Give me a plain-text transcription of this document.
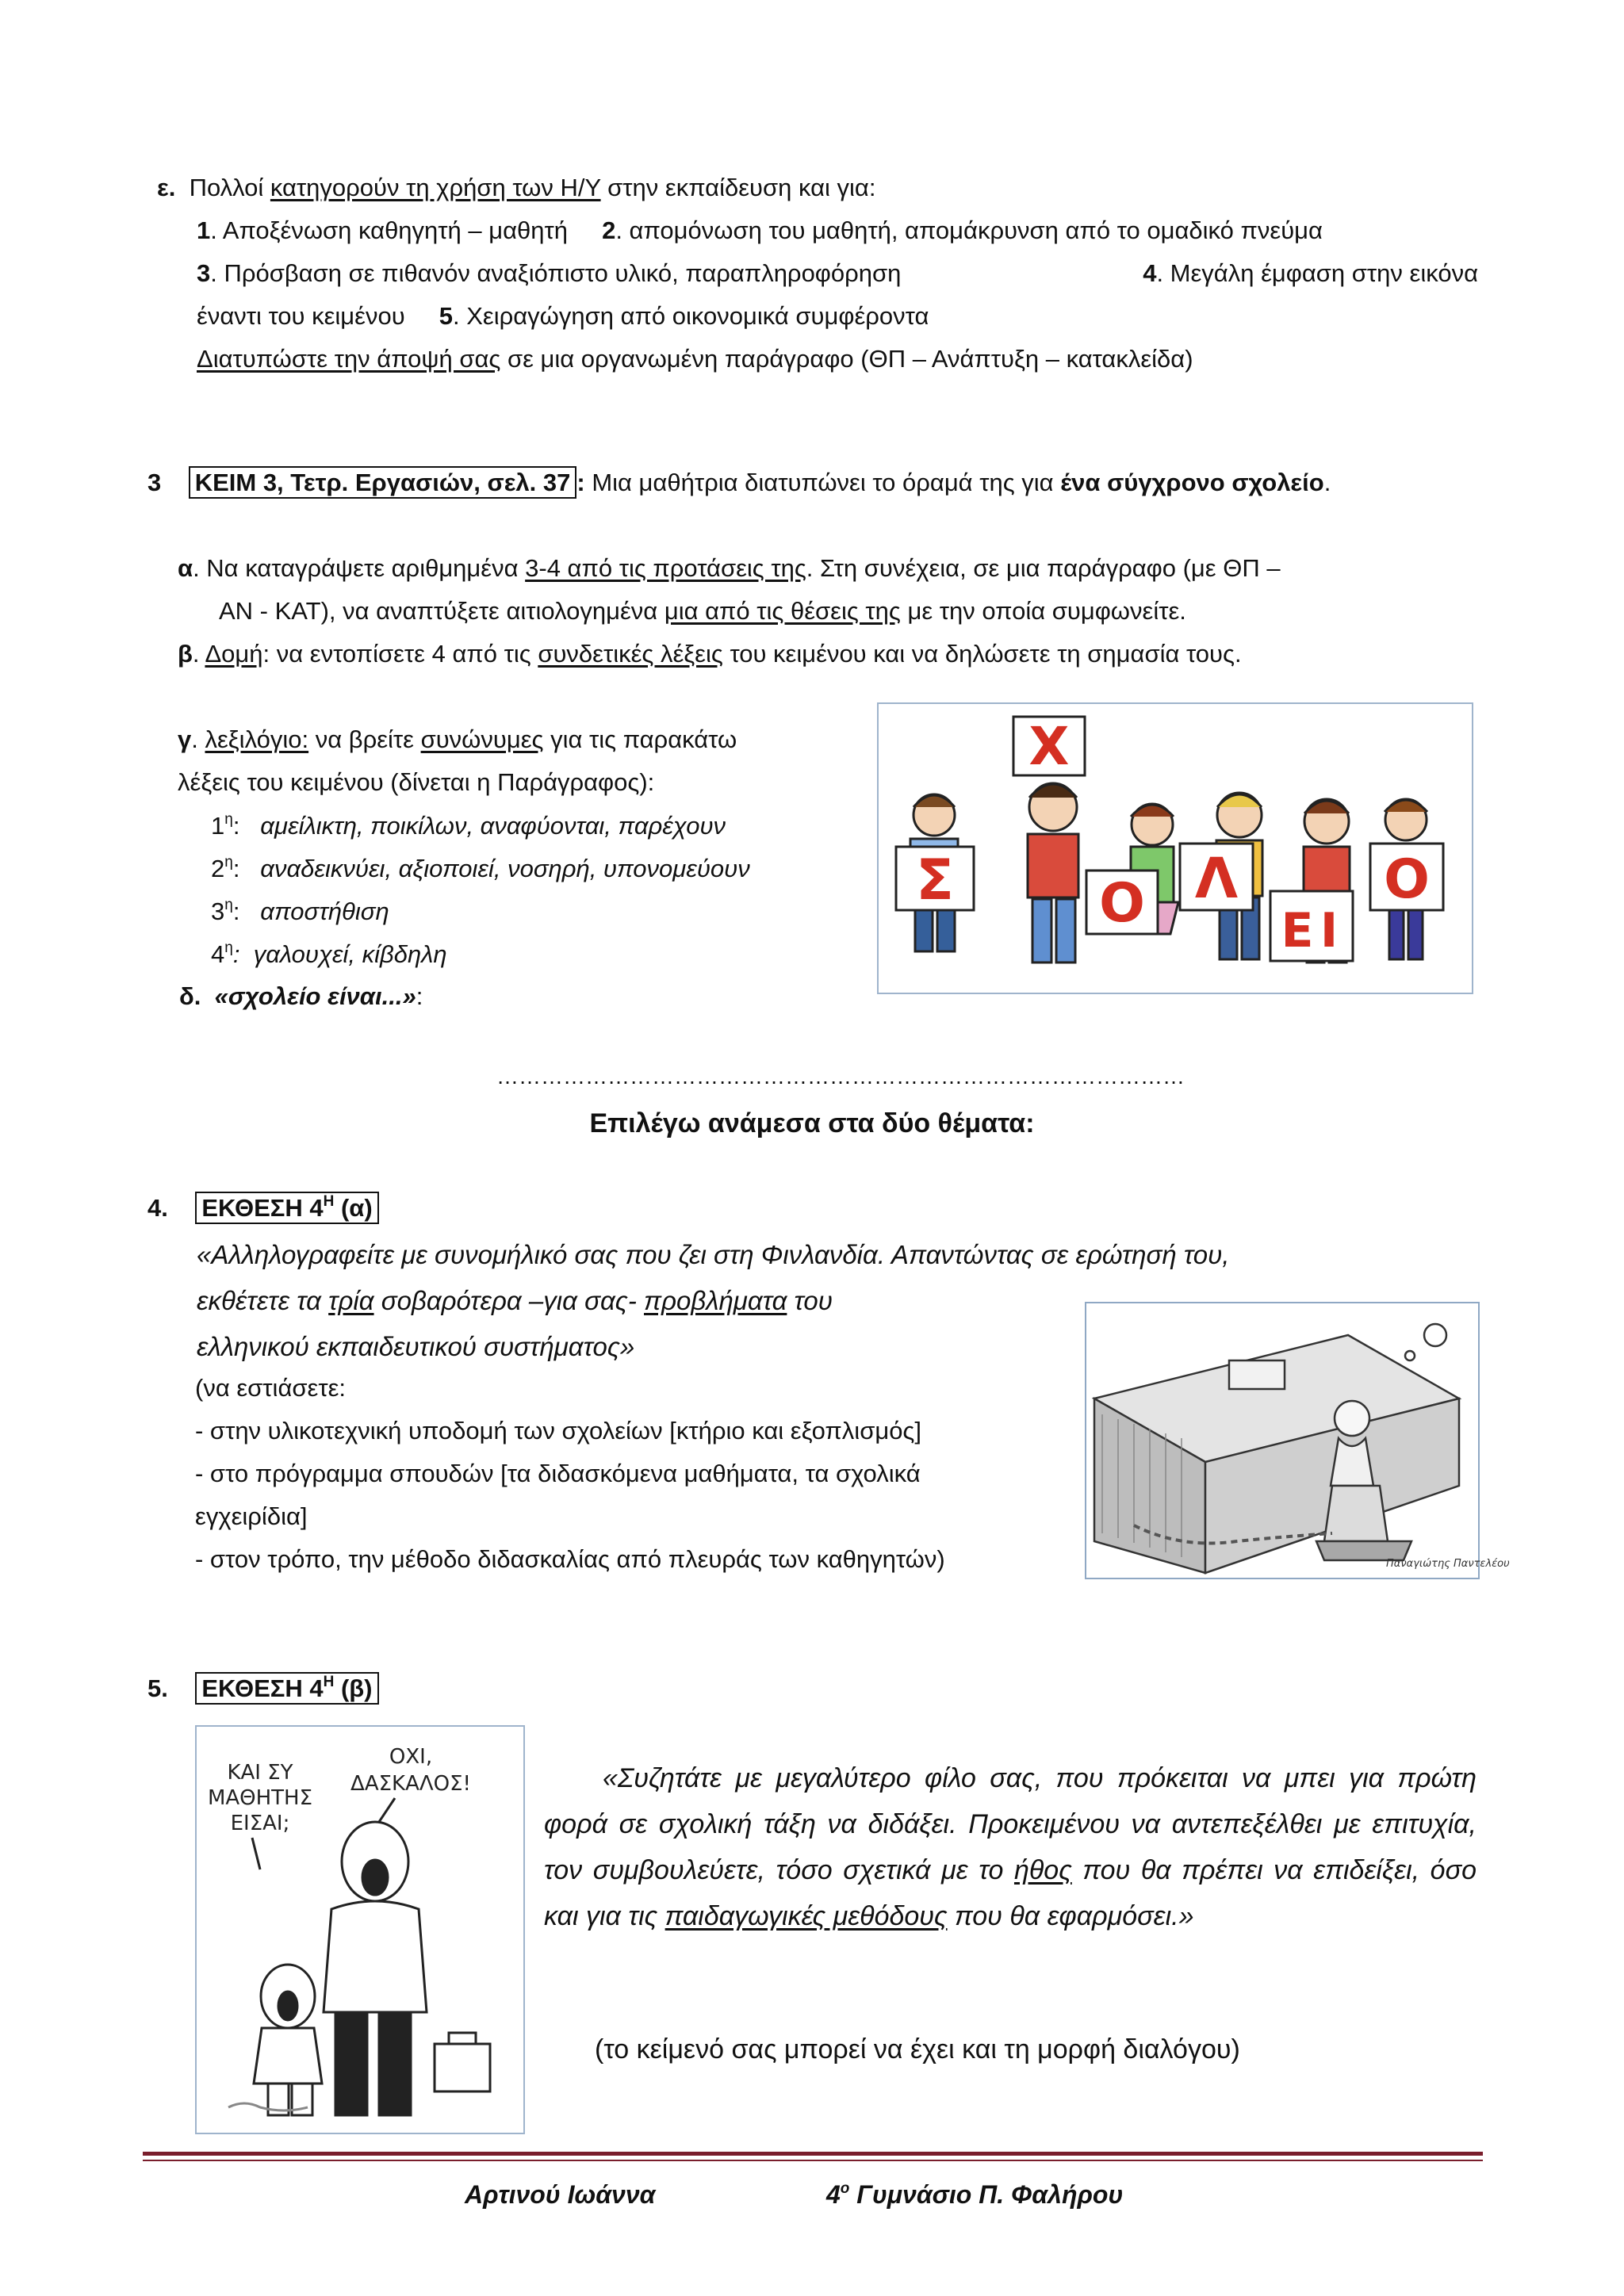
ε. Πολλοί κατηγορούν τη χρήση των Η/Υ στην εκπαίδευση και για:
1. Αποξένωση καθηγητή – μαθητή 2. απομόνωση του μαθητή, απομάκρυνση από το ομαδικό πνεύμα
3. Πρόσβαση σε πιθανόν αναξιόπιστο υλικό, παραπληροφόρηση	4. Μεγάλη έμφαση στην εικόνα
έναντι του κειμένου 5. Χειραγώγηση από οικονομικά συμφέροντα
Διατυπώστε την άποψή σας σε μια οργανωμένη παράγραφο (ΘΠ – Ανάπτυξη – κατακλείδα)
3 ΚΕΙΜ 3, Τετρ. Εργασιών, σελ. 37 : Μια μαθήτρια διατυπώνει το όραμά της για ένα σύγχρονο σχολείο.
α. Να καταγράψετε αριθμημένα 3-4 από τις προτάσεις της. Στη συνέχεια, σε μια παράγραφο (με ΘΠ –
ΑΝ - ΚΑΤ), να αναπτύξετε αιτιολογημένα μια από τις θέσεις της με την οποία συμφωνείτε.
β. Δομή: να εντοπίσετε 4 από τις συνδετικές λέξεις του κειμένου και να δηλώσετε τη σημασία τους.
γ. λεξιλόγιο: να βρείτε συνώνυμες για τις παρακάτω
λέξεις του κειμένου (δίνεται η Παράγραφος):
$1^\eta$: αμείλικτη, ποικίλων, αναφύονται, παρέχουν
$2^\eta$: αναδεικνύει, αξιοποιεί, νοσηρή, υπονομεύουν
$3^\eta$: αποστήθιση
$4^\eta$: γαλουχεί, κίβδηλη
δ. «σχολείο είναι...»:
Χ
Σ	Ο Λ
Ε Ι
Ο
…………………………………………………………………………………
Επιλέγω ανάμεσα στα δύο θέματα:
4. ΕΚΘΕΣΗ $4^H$ (α)
«Αλληλογραφείτε με συνομήλικό σας που ζει στη Φινλανδία. Απαντώντας σε ερώτησή του,
εκθέτετε τα τρία σοβαρότερα –για σας- προβλήματα του
ελληνικού εκπαιδευτικού συστήματος»
(να εστιάσετε:
- στην υλικοτεχνική υποδομή των σχολείων [κτήριο και εξοπλισμός]
- στο πρόγραμμα σπουδών [τα διδασκόμενα μαθήματα, τα σχολικά
εγχειρίδια]
- στον τρόπο, την μέθοδο διδασκαλίας από πλευράς των καθηγητών)	Παναγιώτης Παντελέου
5. ΕΚΘΕΣΗ $4^H$ (β)
ΚΑΙ ΣΥ
ΜΑΘΗΤΗΣ
ΕΙΣΑΙ;
ΟΧΙ,
ΔΑΣΚΑΛΟΣ!	«Συζητάτε με μεγαλύτερο φίλο σας, που πρόκειται να μπει για πρώτη φορά σε σχολική τάξη να διδάξει. Προκειμένου να αντεπεξέλθει με επιτυχία, τον συμβουλεύετε, τόσο σχετικά με το ήθος που θα πρέπει να επιδείξει, όσο και για τις παιδαγωγικές μεθόδους που θα εφαρμόσει.»
(το κείμενό σας μπορεί να έχει και τη μορφή διαλόγου)
Αρτινού Ιωάννα	$4^o$ Γυμνάσιο Π. Φαλήρου
